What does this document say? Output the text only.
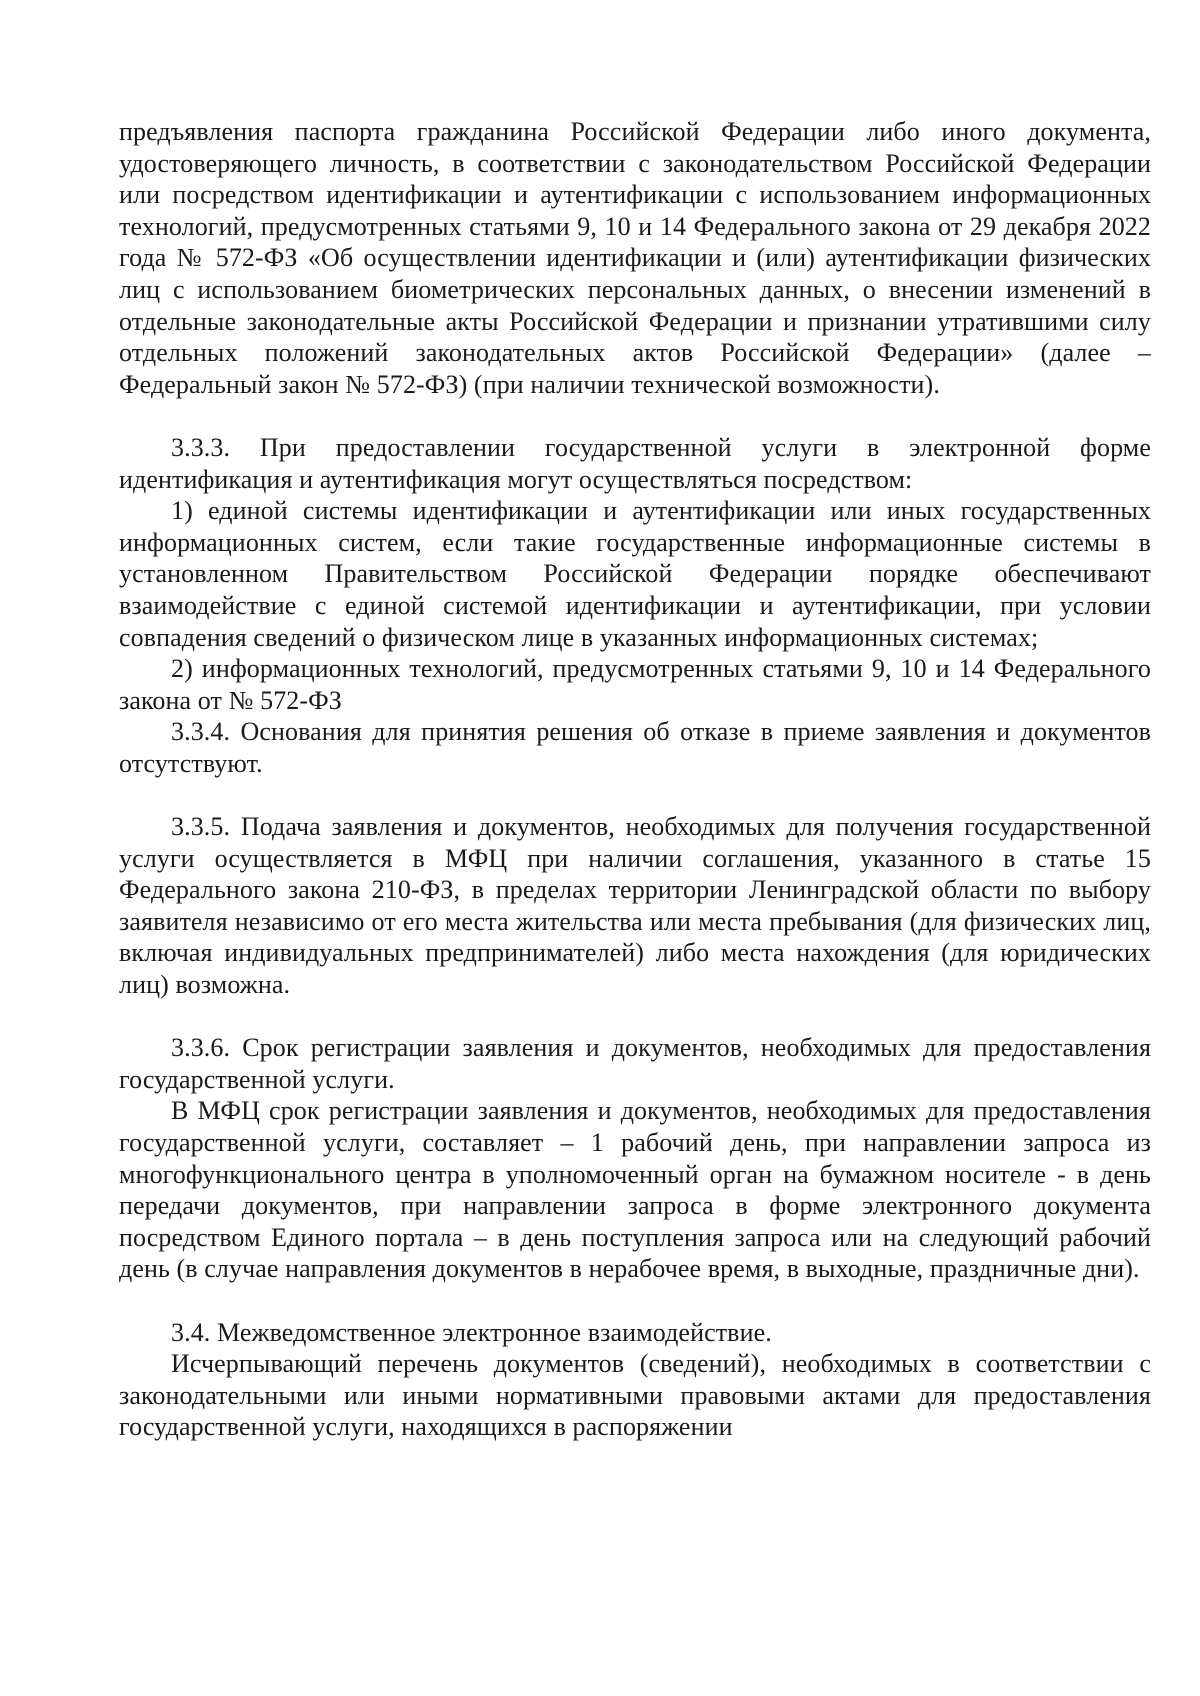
предъявления паспорта гражданина Российской Федерации либо иного документа, удостоверяющего личность, в соответствии с законодательством Российской Федерации или посредством идентификации и аутентификации с использованием информационных технологий, предусмотренных статьями 9, 10 и 14 Федерального закона от 29 декабря 2022 года № 572-ФЗ «Об осуществлении идентификации и (или) аутентификации физических лиц с использованием биометрических персональных данных, о внесении изменений в отдельные законодательные акты Российской Федерации и признании утратившими силу отдельных положений законодательных актов Российской Федерации» (далее – Федеральный закон № 572-ФЗ) (при наличии технической возможности).

3.3.3. При предоставлении государственной услуги в электронной форме идентификация и аутентификация могут осуществляться посредством:

1) единой системы идентификации и аутентификации или иных государственных информационных систем, если такие государственные информационные системы в установленном Правительством Российской Федерации порядке обеспечивают взаимодействие с единой системой идентификации и аутентификации, при условии совпадения сведений о физическом лице в указанных информационных системах;

2) информационных технологий, предусмотренных статьями 9, 10 и 14 Федерального закона от № 572-ФЗ

3.3.4. Основания для принятия решения об отказе в приеме заявления и документов отсутствуют.

3.3.5. Подача заявления и документов, необходимых для получения государственной услуги осуществляется в МФЦ при наличии соглашения, указанного в статье 15 Федерального закона 210-ФЗ, в пределах территории Ленинградской области по выбору заявителя независимо от его места жительства или места пребывания (для физических лиц, включая индивидуальных предпринимателей) либо места нахождения (для юридических лиц) возможна.

3.3.6. Срок регистрации заявления и документов, необходимых для предоставления государственной услуги.

В МФЦ срок регистрации заявления и документов, необходимых для предоставления государственной услуги, составляет – 1 рабочий день, при направлении запроса из многофункционального центра в уполномоченный орган на бумажном носителе - в день передачи документов, при направлении запроса в форме электронного документа посредством Единого портала – в день поступления запроса или на следующий рабочий день (в случае направления документов в нерабочее время, в выходные, праздничные дни).

3.4. Межведомственное электронное взаимодействие.

Исчерпывающий перечень документов (сведений), необходимых в соответствии с законодательными или иными нормативными правовыми актами для предоставления государственной услуги, находящихся в распоряжении
